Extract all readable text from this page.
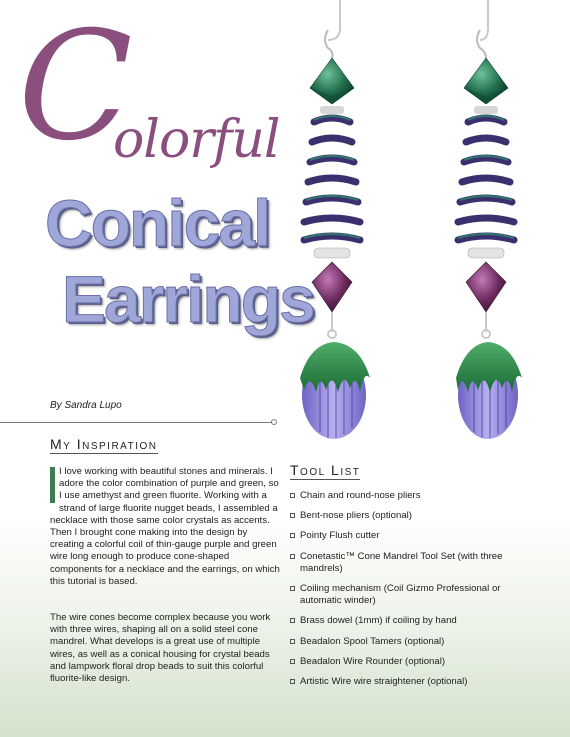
C
olorful
Conical
Earrings
By Sandra Lupo
My Inspiration
I love working with beautiful stones and minerals. I adore the color combination of purple and green, so I use amethyst and green fluorite. Working with a strand of large fluorite nugget beads, I assembled a necklace with those same color crystals as accents. Then I brought cone making into the design by creating a colorful coil of thin-gauge purple and green wire long enough to produce cone-shaped components for a necklace and the earrings, on which this tutorial is based.
The wire cones become complex because you work with three wires, shaping all on a solid steel cone mandrel. What develops is a great use of multiple wires, as well as a conical housing for crystal beads and lampwork floral drop beads to suit this colorful fluorite-like design.
Tool List
Chain and round-nose pliers
Bent-nose pliers (optional)
Pointy Flush cutter
Conetastic™ Cone Mandrel Tool Set (with three mandrels)
Coiling mechanism (Coil Gizmo Professional or automatic winder)
Brass dowel (1mm) if coiling by hand
Beadalon Spool Tamers (optional)
Beadalon Wire Rounder (optional)
Artistic Wire wire straightener (optional)
